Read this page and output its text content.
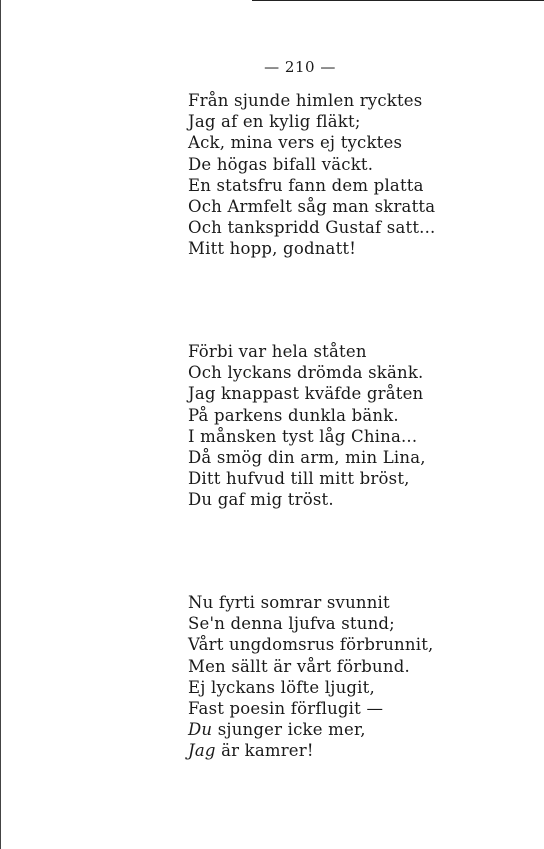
— 210 —
Från sjunde himlen rycktes
Jag af en kylig fläkt;
Ack, mina vers ej tycktes
De högas bifall väckt.
En statsfru fann dem platta
Och Armfelt såg man skratta
Och tankspridd Gustaf satt...
Mitt hopp, godnatt!
Förbi var hela ståten
Och lyckans drömda skänk.
Jag knappast kväfde gråten
På parkens dunkla bänk.
I månsken tyst låg China...
Då smög din arm, min Lina,
Ditt hufvud till mitt bröst,
Du gaf mig tröst.
Nu fyrti somrar svunnit
Se'n denna ljufva stund;
Vårt ungdomsrus förbrunnit,
Men sällt är vårt förbund.
Ej lyckans löfte ljugit,
Fast poesin förflugit —
Du sjunger icke mer,
Jag är kamrer!
